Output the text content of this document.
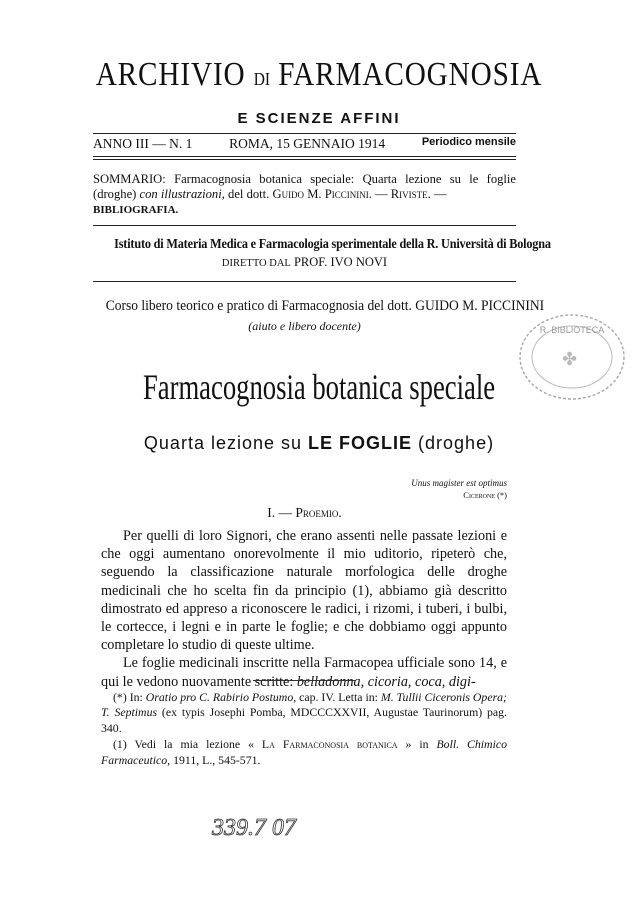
ARCHIVIO DI FARMACOGNOSIA
E SCIENZE AFFINI
ANNO III — N. 1	ROMA, 15 GENNAIO 1914	Periodico mensile
SOMMARIO: Farmacognosia botanica speciale: Quarta lezione su le foglie (droghe) con illustrazioni, del dott. Guido M. Piccinini. — Riviste. —
BIBLIOGRAFIA.
Istituto di Materia Medica e Farmacologia sperimentale della R. Università di Bologna
DIRETTO DAL PROF. IVO NOVI
Corso libero teorico e pratico di Farmacognosia del dott. GUIDO M. PICCININI
(aiuto e libero docente)
Farmacognosia botanica speciale
Quarta lezione su LE FOGLIE (droghe)
Unus magister est optimus
Cicerone (*)
I. — Proemio.

Per quelli di loro Signori, che erano assenti nelle passate lezioni e che oggi aumentano onorevolmente il mio uditorio, ripeterò che, seguendo la classificazione naturale morfologica delle droghe medicinali che ho scelta fin da principio (1), abbiamo già descritto dimostrato ed appreso a riconoscere le radici, i rizomi, i tuberi, i bulbi, le cortecce, i legni e in parte le foglie; e che dobbiamo oggi appunto completare lo studio di queste ultime.

Le foglie medicinali inscritte nella Farmacopea ufficiale sono 14, e qui le vedono nuovamente scritte: belladonna, cicoria, coca, digi-

(*) In: Oratio pro C. Rabirio Postumo, cap. IV. Letta in: M. Tullii Ciceronis Opera; T. Septimus (ex typis Josephi Pomba, MDCCCXXVII, Augustae Taurinorum) pag. 340.

(1) Vedi la mia lezione « La Farmaconosia botanica » in Boll. Chimico Farmaceutico, 1911, L., 545-571.

R. BIBLIOTECA
✤
339.7 07
